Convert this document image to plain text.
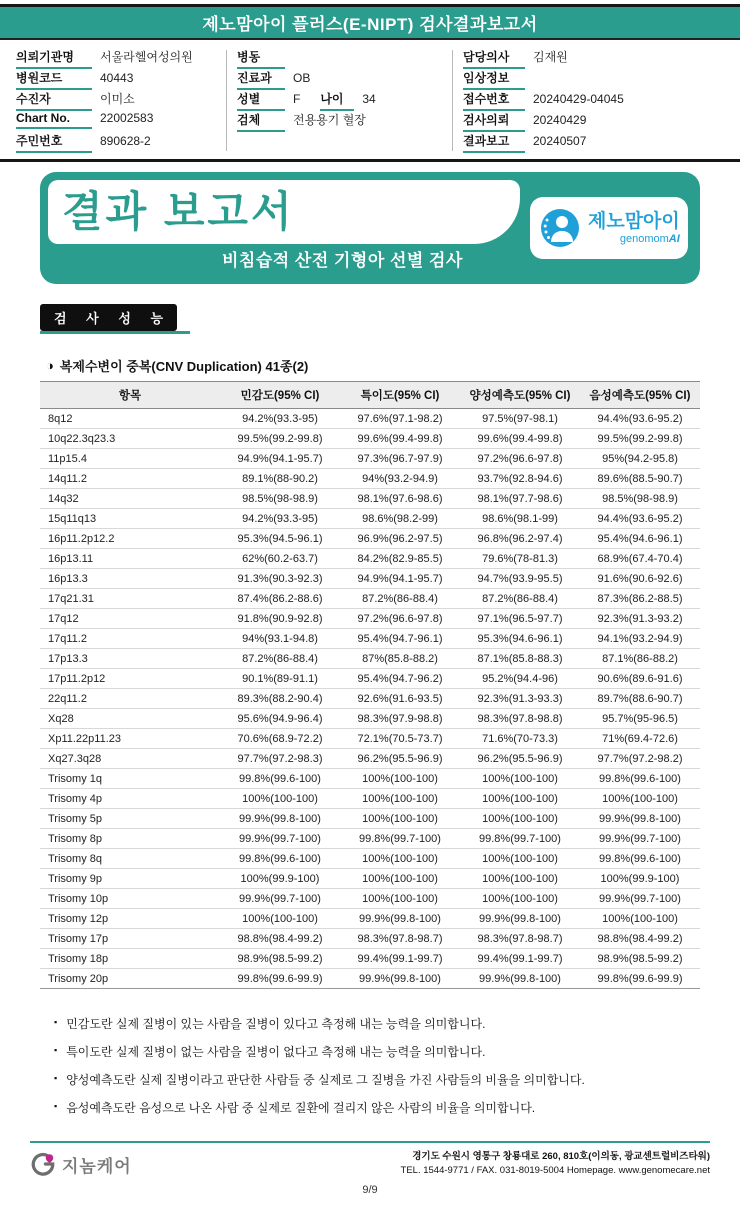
제노맘아이 플러스(E-NIPT) 검사결과보고서
의뢰기관명	서울라헬여성의원
병원코드	40443
수진자	이미소
Chart No.	22002583
주민번호	890628-2
병동
진료과	OB
성별	F 나이	34
검체	전용용기 혈장
담당의사	김재원
임상정보
접수번호	20240429-04045
검사의뢰	20240429
결과보고	20240507
결과 보고서
비침습적 산전 기형아 선별 검사
제노맘아이
genomomAI
검 사 성 능
◑ 복제수변이 중복(CNV Duplication) 41종(2)
항목	민감도(95% CI)	특이도(95% CI)	양성예측도(95% CI)	음성예측도(95% CI)
8q12	94.2%(93.3-95)	97.6%(97.1-98.2)	97.5%(97-98.1)	94.4%(93.6-95.2)
10q22.3q23.3	99.5%(99.2-99.8)	99.6%(99.4-99.8)	99.6%(99.4-99.8)	99.5%(99.2-99.8)
11p15.4	94.9%(94.1-95.7)	97.3%(96.7-97.9)	97.2%(96.6-97.8)	95%(94.2-95.8)
14q11.2	89.1%(88-90.2)	94%(93.2-94.9)	93.7%(92.8-94.6)	89.6%(88.5-90.7)
14q32	98.5%(98-98.9)	98.1%(97.6-98.6)	98.1%(97.7-98.6)	98.5%(98-98.9)
15q11q13	94.2%(93.3-95)	98.6%(98.2-99)	98.6%(98.1-99)	94.4%(93.6-95.2)
16p11.2p12.2	95.3%(94.5-96.1)	96.9%(96.2-97.5)	96.8%(96.2-97.4)	95.4%(94.6-96.1)
16p13.11	62%(60.2-63.7)	84.2%(82.9-85.5)	79.6%(78-81.3)	68.9%(67.4-70.4)
16p13.3	91.3%(90.3-92.3)	94.9%(94.1-95.7)	94.7%(93.9-95.5)	91.6%(90.6-92.6)
17q21.31	87.4%(86.2-88.6)	87.2%(86-88.4)	87.2%(86-88.4)	87.3%(86.2-88.5)
17q12	91.8%(90.9-92.8)	97.2%(96.6-97.8)	97.1%(96.5-97.7)	92.3%(91.3-93.2)
17q11.2	94%(93.1-94.8)	95.4%(94.7-96.1)	95.3%(94.6-96.1)	94.1%(93.2-94.9)
17p13.3	87.2%(86-88.4)	87%(85.8-88.2)	87.1%(85.8-88.3)	87.1%(86-88.2)
17p11.2p12	90.1%(89-91.1)	95.4%(94.7-96.2)	95.2%(94.4-96)	90.6%(89.6-91.6)
22q11.2	89.3%(88.2-90.4)	92.6%(91.6-93.5)	92.3%(91.3-93.3)	89.7%(88.6-90.7)
Xq28	95.6%(94.9-96.4)	98.3%(97.9-98.8)	98.3%(97.8-98.8)	95.7%(95-96.5)
Xp11.22p11.23	70.6%(68.9-72.2)	72.1%(70.5-73.7)	71.6%(70-73.3)	71%(69.4-72.6)
Xq27.3q28	97.7%(97.2-98.3)	96.2%(95.5-96.9)	96.2%(95.5-96.9)	97.7%(97.2-98.2)
Trisomy 1q	99.8%(99.6-100)	100%(100-100)	100%(100-100)	99.8%(99.6-100)
Trisomy 4p	100%(100-100)	100%(100-100)	100%(100-100)	100%(100-100)
Trisomy 5p	99.9%(99.8-100)	100%(100-100)	100%(100-100)	99.9%(99.8-100)
Trisomy 8p	99.9%(99.7-100)	99.8%(99.7-100)	99.8%(99.7-100)	99.9%(99.7-100)
Trisomy 8q	99.8%(99.6-100)	100%(100-100)	100%(100-100)	99.8%(99.6-100)
Trisomy 9p	100%(99.9-100)	100%(100-100)	100%(100-100)	100%(99.9-100)
Trisomy 10p	99.9%(99.7-100)	100%(100-100)	100%(100-100)	99.9%(99.7-100)
Trisomy 12p	100%(100-100)	99.9%(99.8-100)	99.9%(99.8-100)	100%(100-100)
Trisomy 17p	98.8%(98.4-99.2)	98.3%(97.8-98.7)	98.3%(97.8-98.7)	98.8%(98.4-99.2)
Trisomy 18p	98.9%(98.5-99.2)	99.4%(99.1-99.7)	99.4%(99.1-99.7)	98.9%(98.5-99.2)
Trisomy 20p	99.8%(99.6-99.9)	99.9%(99.8-100)	99.9%(99.8-100)	99.8%(99.6-99.9)
▪ 민감도란 실제 질병이 있는 사람을 질병이 있다고 측정해 내는 능력을 의미합니다.
▪ 특이도란 실제 질병이 없는 사람을 질병이 없다고 측정해 내는 능력을 의미합니다.
▪ 양성예측도란 실제 질병이라고 판단한 사람들 중 실제로 그 질병을 가진 사람들의 비율을 의미합니다.
▪ 음성예측도란 음성으로 나온 사람 중 실제로 질환에 걸리지 않은 사람의 비율을 의미합니다.
지놈케어
경기도 수원시 영통구 창룡대로 260, 810호(이의동, 광교센트럴비즈타워)
TEL. 1544-9771 / FAX. 031-8019-5004 Homepage. www.genomecare.net
9/9
